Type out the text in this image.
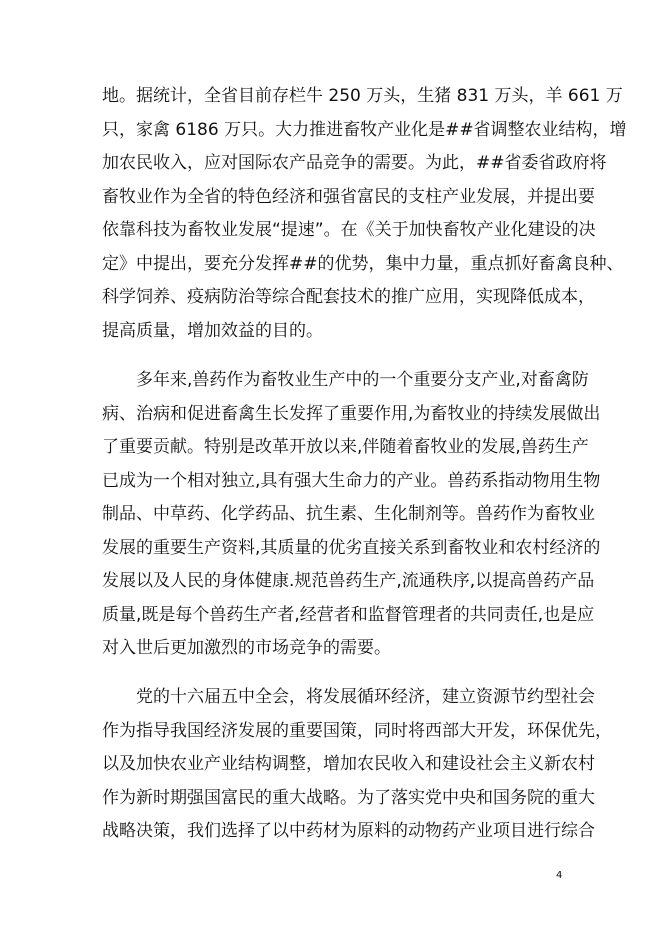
地。据统计，全省目前存栏牛 250 万头，生猪 831 万头，羊 661 万
只，家禽 6186 万只。大力推进畜牧产业化是##省调整农业结构，增
加农民收入，应对国际农产品竞争的需要。为此，##省委省政府将
畜牧业作为全省的特色经济和强省富民的支柱产业发展，并提出要
依靠科技为畜牧业发展“提速”。在《关于加快畜牧产业化建设的决
定》中提出，要充分发挥##的优势，集中力量，重点抓好畜禽良种、
科学饲养、疫病防治等综合配套技术的推广应用，实现降低成本，
提高质量，增加效益的目的。
多年来,兽药作为畜牧业生产中的一个重要分支产业,对畜禽防
病、治病和促进畜禽生长发挥了重要作用,为畜牧业的持续发展做出
了重要贡献。特别是改革开放以来,伴随着畜牧业的发展,兽药生产
已成为一个相对独立,具有强大生命力的产业。兽药系指动物用生物
制品、中草药、化学药品、抗生素、生化制剂等。兽药作为畜牧业
发展的重要生产资料,其质量的优劣直接关系到畜牧业和农村经济的
发展以及人民的身体健康.规范兽药生产,流通秩序,以提高兽药产品
质量,既是每个兽药生产者,经营者和监督管理者的共同责任,也是应
对入世后更加激烈的市场竞争的需要。
党的十六届五中全会，将发展循环经济，建立资源节约型社会
作为指导我国经济发展的重要国策，同时将西部大开发，环保优先，
以及加快农业产业结构调整，增加农民收入和建设社会主义新农村
作为新时期强国富民的重大战略。为了落实党中央和国务院的重大
战略决策，我们选择了以中药材为原料的动物药产业项目进行综合
4
